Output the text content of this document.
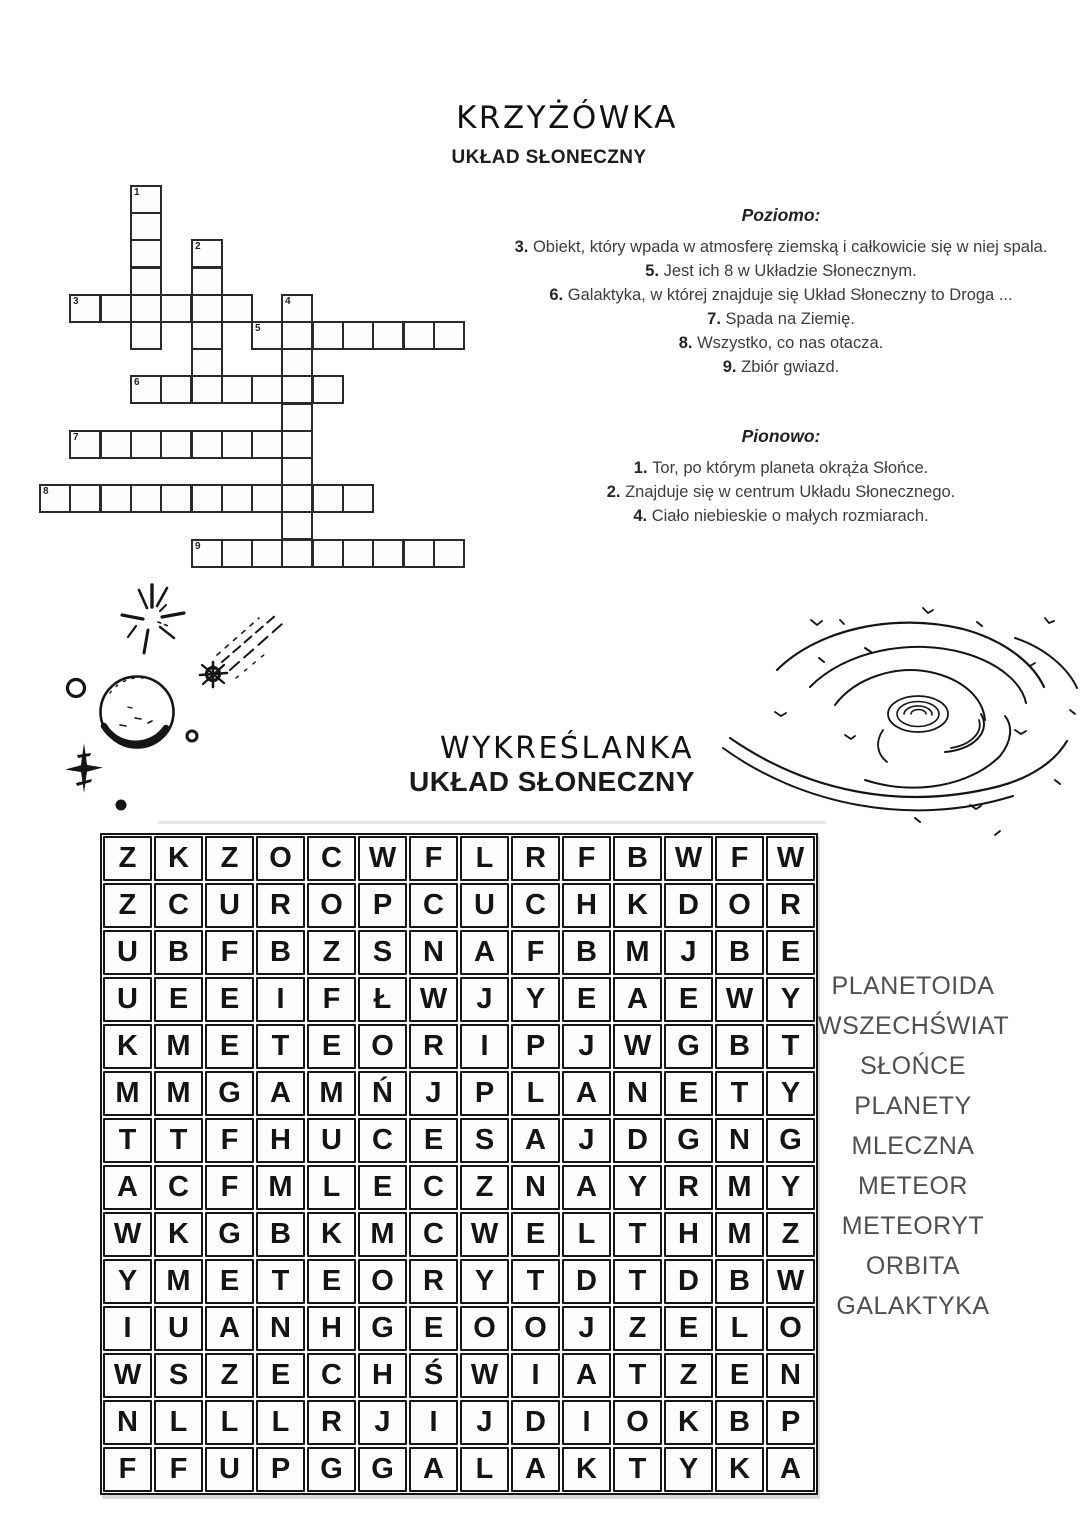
KRZYŻÓWKA
UKŁAD SŁONECZNY
1
2
3	4
5
6
7
8
9
Poziomo:
3. Obiekt, który wpada w atmosferę ziemską i całkowicie się w niej spala.
5. Jest ich 8 w Układzie Słonecznym.
6. Galaktyka, w której znajduje się Układ Słoneczny to Droga ...
7. Spada na Ziemię.
8. Wszystko, co nas otacza.
9. Zbiór gwiazd.
Pionowo:
1. Tor, po którym planeta okrąża Słońce.
2. Znajduje się w centrum Układu Słonecznego.
4. Ciało niebieskie o małych rozmiarach.
WYKREŚLANKA
UKŁAD SŁONECZNY
Z	K	Z	O	C W F	L	R	F	B W F W
Z	C	U	R	O	P	C	U	C	H	K	D	O	R
U	B	F	B	Z	S	N	A	F	B M	J	B	E
U	E	E	I	F	Ł W	J	Y	E	A	E W Y
K M	E	T	E	O	R	I	P	J	W G	B	T
M M G	A M Ń	J	P	L	A	N	E	T	Y
T	T	F	H	U	C	E	S	A	J	D	G	N	G
A	C	F	M	L	E	C	Z	N	A	Y	R M	Y
W K	G	B	K M C W E	L	T	H M	Z
Y	M	E	T	E	O	R	Y	T	D	T	D	B W
I	U	A	N	H	G	E	O O	J	Z	E	L	O
W S	Z	E	C	H	Ś W	I	A	T	Z	E	N
N	L	L	L	R	J	I	J	D	I	O	K	B	P
F	F	U	P	G G	A	L	A	K	T	Y	K	A
PLANETOIDA
WSZECHŚWIAT
SŁOŃCE
PLANETY
MLECZNA
METEOR
METEORYT
ORBITA
GALAKTYKA
